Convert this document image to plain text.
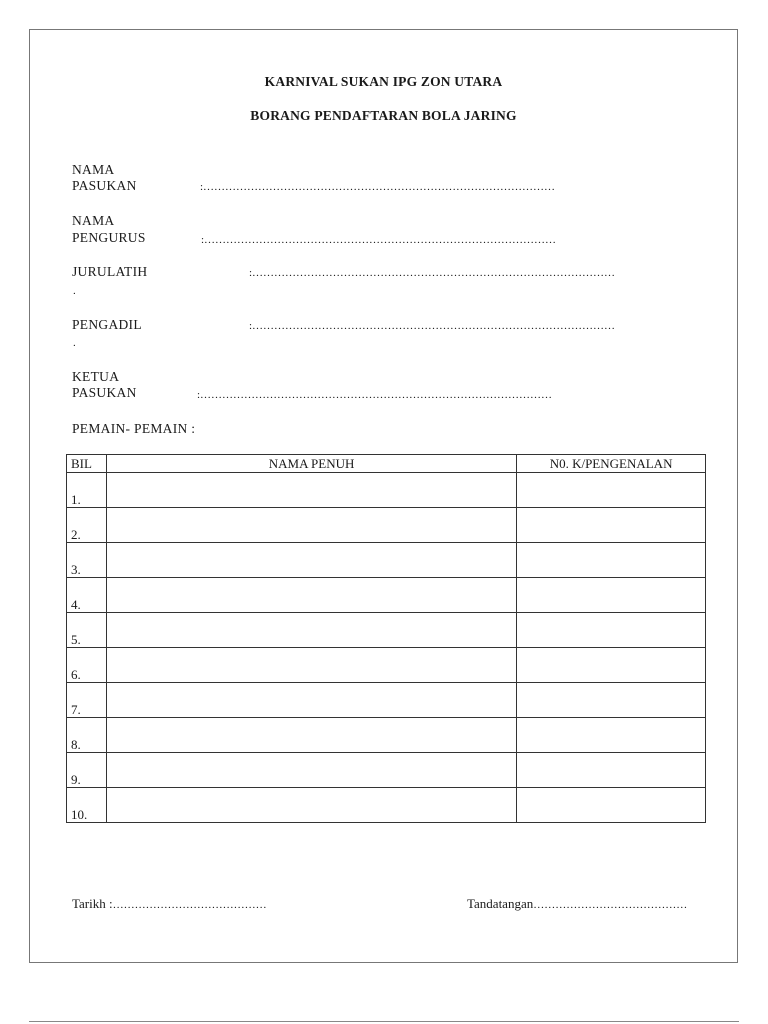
KARNIVAL SUKAN IPG ZON UTARA
BORANG PENDAFTARAN BOLA JARING
NAMA
PASUKAN	:……………………………………………………………………………………
NAMA
PENGURUS	:……………………………………………………………………………………
JURULATIH	:………………………………………………………………………………………
.
PENGADIL	:………………………………………………………………………………………
.
KETUA
PASUKAN	:……………………………………………………………………………………
PEMAIN- PEMAIN :
BIL	NAMA PENUH	N0. K/PENGENALAN
1.		
2.		
3.		
4.		
5.		
6.		
7.		
8.		
9.		
10.		
Tarikh :……………………………………	Tandatangan……………………………………
